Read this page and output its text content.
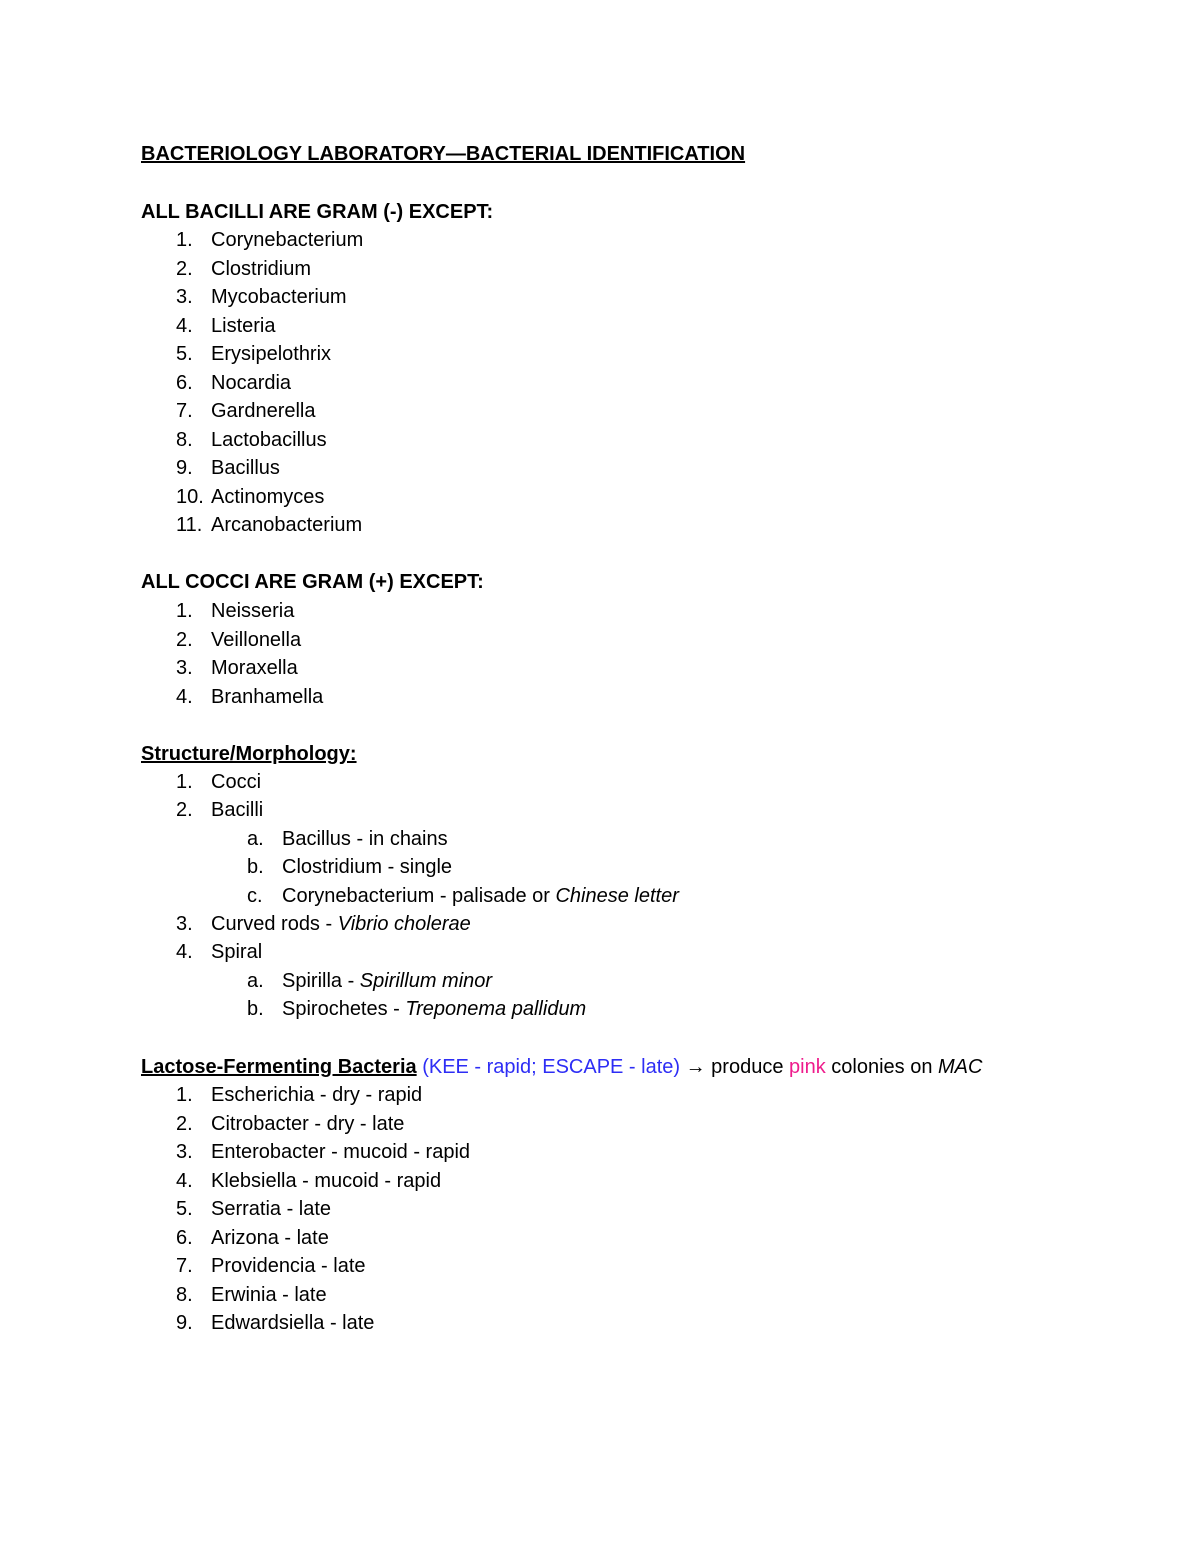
BACTERIOLOGY LABORATORY—BACTERIAL IDENTIFICATION
ALL BACILLI ARE GRAM (-) EXCEPT:
1. Corynebacterium
2. Clostridium
3. Mycobacterium
4. Listeria
5. Erysipelothrix
6. Nocardia
7. Gardnerella
8. Lactobacillus
9. Bacillus
10. Actinomyces
11. Arcanobacterium
ALL COCCI ARE GRAM (+) EXCEPT:
1. Neisseria
2. Veillonella
3. Moraxella
4. Branhamella
Structure/Morphology:
1. Cocci
2. Bacilli
a. Bacillus - in chains
b. Clostridium - single
c. Corynebacterium - palisade or Chinese letter
3. Curved rods - Vibrio cholerae
4. Spiral
a. Spirilla - Spirillum minor
b. Spirochetes - Treponema pallidum
Lactose-Fermenting Bacteria (KEE - rapid; ESCAPE - late) → produce pink colonies on MAC
1. Escherichia - dry - rapid
2. Citrobacter - dry - late
3. Enterobacter - mucoid - rapid
4. Klebsiella - mucoid - rapid
5. Serratia - late
6. Arizona - late
7. Providencia - late
8. Erwinia - late
9. Edwardsiella - late
